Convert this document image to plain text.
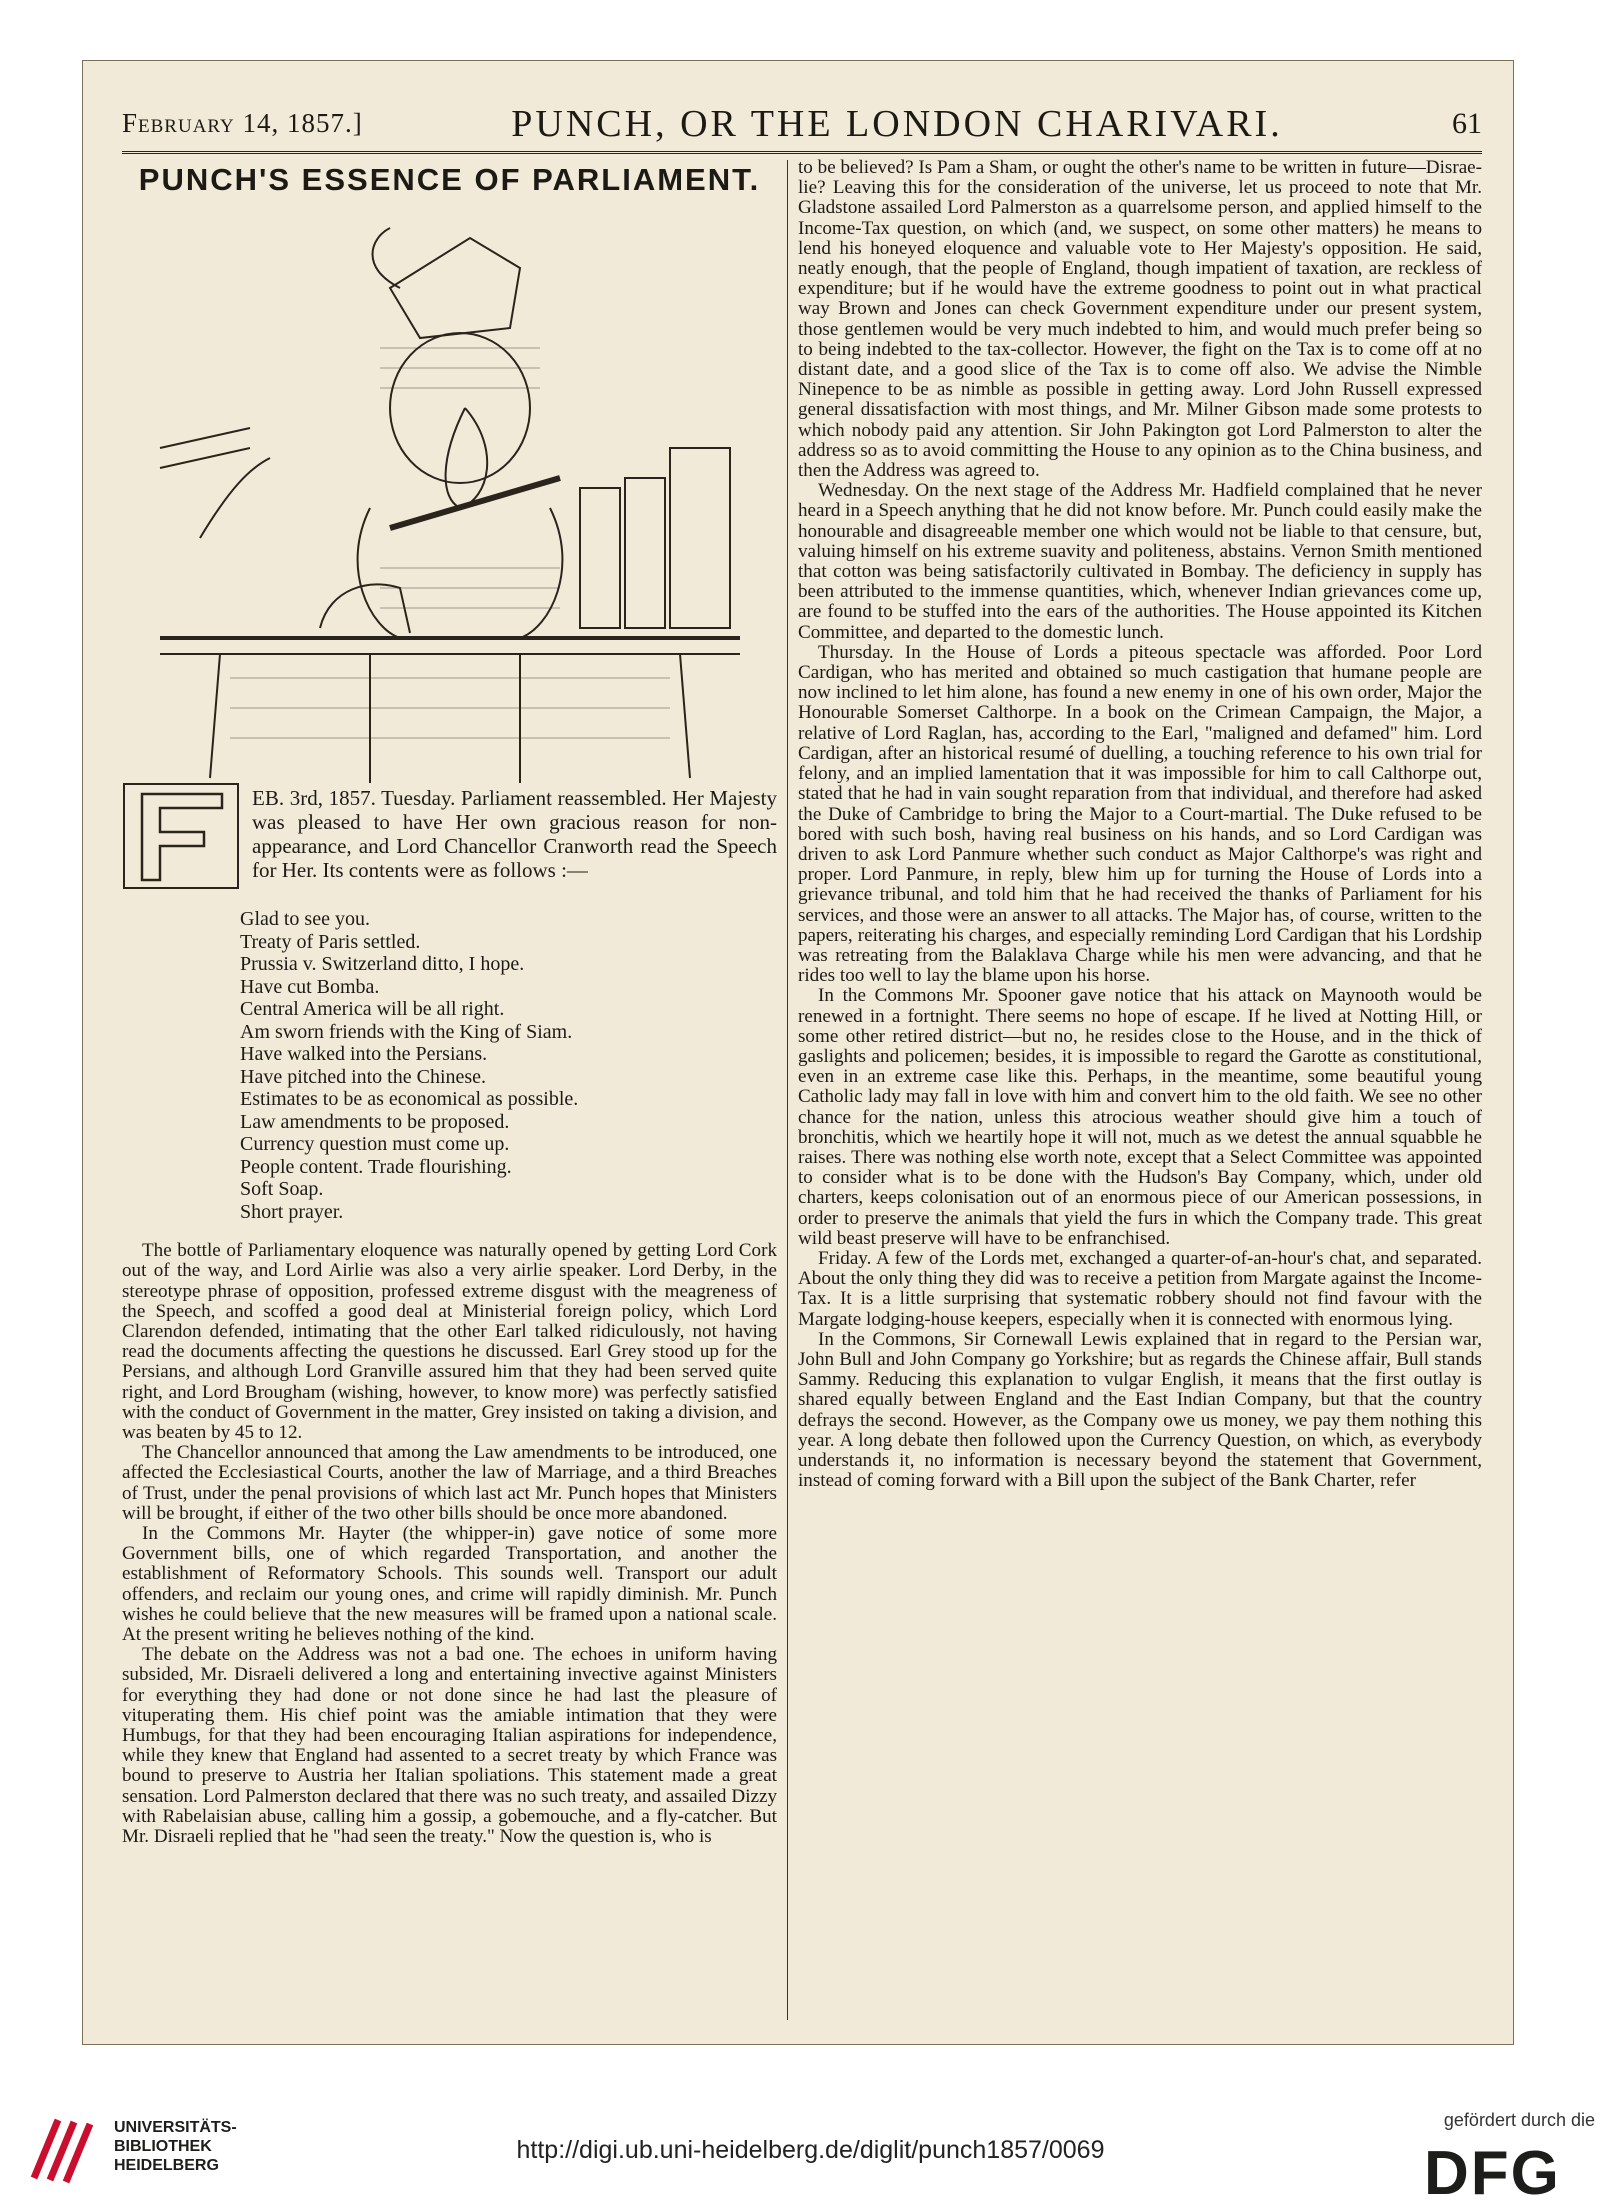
February 14, 1857.]	PUNCH, OR THE LONDON CHARIVARI.	61
PUNCH'S ESSENCE OF PARLIAMENT.

EB. 3rd, 1857. Tuesday. Parliament reassembled. Her Majesty was pleased to have Her own gracious reason for non-appearance, and Lord Chancellor Cranworth read the Speech for Her. Its contents were as follows :—

Glad to see you.
Treaty of Paris settled.
Prussia v. Switzerland ditto, I hope.
Have cut Bomba.
Central America will be all right.
Am sworn friends with the King of Siam.
Have walked into the Persians.
Have pitched into the Chinese.
Estimates to be as economical as possible.
Law amendments to be proposed.
Currency question must come up.
People content. Trade flourishing.
Soft Soap.
Short prayer.

The bottle of Parliamentary eloquence was naturally opened by getting Lord Cork out of the way, and Lord Airlie was also a very airlie speaker. Lord Derby, in the stereotype phrase of opposition, professed extreme disgust with the meagreness of the Speech, and scoffed a good deal at Ministerial foreign policy, which Lord Clarendon defended, intimating that the other Earl talked ridiculously, not having read the documents affecting the questions he discussed. Earl Grey stood up for the Persians, and although Lord Granville assured him that they had been served quite right, and Lord Brougham (wishing, however, to know more) was perfectly satisfied with the conduct of Government in the matter, Grey insisted on taking a division, and was beaten by 45 to 12.

The Chancellor announced that among the Law amendments to be introduced, one affected the Ecclesiastical Courts, another the law of Marriage, and a third Breaches of Trust, under the penal provisions of which last act Mr. Punch hopes that Ministers will be brought, if either of the two other bills should be once more abandoned.

In the Commons Mr. Hayter (the whipper-in) gave notice of some more Government bills, one of which regarded Transportation, and another the establishment of Reformatory Schools. This sounds well. Transport our adult offenders, and reclaim our young ones, and crime will rapidly diminish. Mr. Punch wishes he could believe that the new measures will be framed upon a national scale. At the present writing he believes nothing of the kind.

The debate on the Address was not a bad one. The echoes in uniform having subsided, Mr. Disraeli delivered a long and entertaining invective against Ministers for everything they had done or not done since he had last the pleasure of vituperating them. His chief point was the amiable intimation that they were Humbugs, for that they had been encouraging Italian aspirations for independence, while they knew that England had assented to a secret treaty by which France was bound to preserve to Austria her Italian spoliations. This statement made a great sensation. Lord Palmerston declared that there was no such treaty, and assailed Dizzy with Rabelaisian abuse, calling him a gossip, a gobemouche, and a fly-catcher. But Mr. Disraeli replied that he "had seen the treaty." Now the question is, who is

to be believed? Is Pam a Sham, or ought the other's name to be written in future—Disrae-lie? Leaving this for the consideration of the universe, let us proceed to note that Mr. Gladstone assailed Lord Palmerston as a quarrelsome person, and applied himself to the Income-Tax question, on which (and, we suspect, on some other matters) he means to lend his honeyed eloquence and valuable vote to Her Majesty's opposition. He said, neatly enough, that the people of England, though impatient of taxation, are reckless of expenditure; but if he would have the extreme goodness to point out in what practical way Brown and Jones can check Government expenditure under our present system, those gentlemen would be very much indebted to him, and would much prefer being so to being indebted to the tax-collector. However, the fight on the Tax is to come off at no distant date, and a good slice of the Tax is to come off also. We advise the Nimble Ninepence to be as nimble as possible in getting away. Lord John Russell expressed general dissatisfaction with most things, and Mr. Milner Gibson made some protests to which nobody paid any attention. Sir John Pakington got Lord Palmerston to alter the address so as to avoid committing the House to any opinion as to the China business, and then the Address was agreed to.

Wednesday. On the next stage of the Address Mr. Hadfield complained that he never heard in a Speech anything that he did not know before. Mr. Punch could easily make the honourable and disagreeable member one which would not be liable to that censure, but, valuing himself on his extreme suavity and politeness, abstains. Vernon Smith mentioned that cotton was being satisfactorily cultivated in Bombay. The deficiency in supply has been attributed to the immense quantities, which, whenever Indian grievances come up, are found to be stuffed into the ears of the authorities. The House appointed its Kitchen Committee, and departed to the domestic lunch.

Thursday. In the House of Lords a piteous spectacle was afforded. Poor Lord Cardigan, who has merited and obtained so much castigation that humane people are now inclined to let him alone, has found a new enemy in one of his own order, Major the Honourable Somerset Calthorpe. In a book on the Crimean Campaign, the Major, a relative of Lord Raglan, has, according to the Earl, "maligned and defamed" him. Lord Cardigan, after an historical resumé of duelling, a touching reference to his own trial for felony, and an implied lamentation that it was impossible for him to call Calthorpe out, stated that he had in vain sought reparation from that individual, and therefore had asked the Duke of Cambridge to bring the Major to a Court-martial. The Duke refused to be bored with such bosh, having real business on his hands, and so Lord Cardigan was driven to ask Lord Panmure whether such conduct as Major Calthorpe's was right and proper. Lord Panmure, in reply, blew him up for turning the House of Lords into a grievance tribunal, and told him that he had received the thanks of Parliament for his services, and those were an answer to all attacks. The Major has, of course, written to the papers, reiterating his charges, and especially reminding Lord Cardigan that his Lordship was retreating from the Balaklava Charge while his men were advancing, and that he rides too well to lay the blame upon his horse.

In the Commons Mr. Spooner gave notice that his attack on Maynooth would be renewed in a fortnight. There seems no hope of escape. If he lived at Notting Hill, or some other retired district—but no, he resides close to the House, and in the thick of gaslights and policemen; besides, it is impossible to regard the Garotte as constitutional, even in an extreme case like this. Perhaps, in the meantime, some beautiful young Catholic lady may fall in love with him and convert him to the old faith. We see no other chance for the nation, unless this atrocious weather should give him a touch of bronchitis, which we heartily hope it will not, much as we detest the annual squabble he raises. There was nothing else worth note, except that a Select Committee was appointed to consider what is to be done with the Hudson's Bay Company, which, under old charters, keeps colonisation out of an enormous piece of our American possessions, in order to preserve the animals that yield the furs in which the Company trade. This great wild beast preserve will have to be enfranchised.

Friday. A few of the Lords met, exchanged a quarter-of-an-hour's chat, and separated. About the only thing they did was to receive a petition from Margate against the Income-Tax. It is a little surprising that systematic robbery should not find favour with the Margate lodging-house keepers, especially when it is connected with enormous lying.

In the Commons, Sir Cornewall Lewis explained that in regard to the Persian war, John Bull and John Company go Yorkshire; but as regards the Chinese affair, Bull stands Sammy. Reducing this explanation to vulgar English, it means that the first outlay is shared equally between England and the East Indian Company, but that the country defrays the second. However, as the Company owe us money, we pay them nothing this year. A long debate then followed upon the Currency Question, on which, as everybody understands it, no information is necessary beyond the statement that Government, instead of coming forward with a Bill upon the subject of the Bank Charter, refer

UNIVERSITÄTS-
BIBLIOTHEK
HEIDELBERG
http://digi.ub.uni-heidelberg.de/diglit/punch1857/0069
gefördert durch die
DFG
